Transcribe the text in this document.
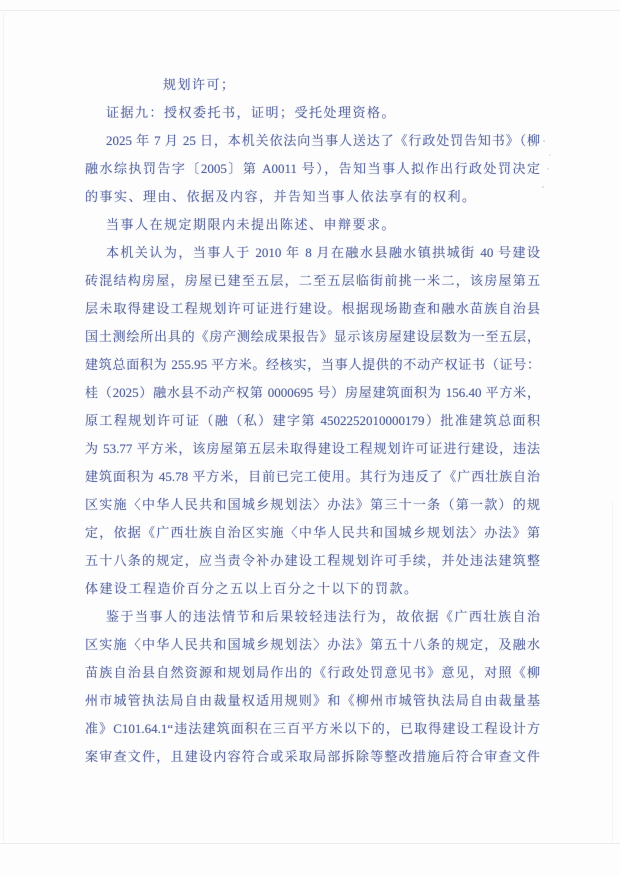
规划许可；
证据九：授权委托书，证明；受托处理资格。
2025 年 7 月 25 日，本机关依法向当事人送达了《行政处罚告知书》（柳
融水综执罚告字〔2005〕第 A0011 号），告知当事人拟作出行政处罚决定
的事实、理由、依据及内容，并告知当事人依法享有的权利。
当事人在规定期限内未提出陈述、申辩要求。
本机关认为，当事人于 2010 年 8 月在融水县融水镇拱城街 40 号建设
砖混结构房屋，房屋已建至五层，二至五层临街前挑一米二，该房屋第五
层未取得建设工程规划许可证进行建设。根据现场勘查和融水苗族自治县
国土测绘所出具的《房产测绘成果报告》显示该房屋建设层数为一至五层，
建筑总面积为 255.95 平方米。经核实，当事人提供的不动产权证书（证号：
桂（2025）融水县不动产权第 0000695 号）房屋建筑面积为 156.40 平方米，
原工程规划许可证（融（私）建字第 4502252010000179）批准建筑总面积
为 53.77 平方米，该房屋第五层未取得建设工程规划许可证进行建设，违法
建筑面积为 45.78 平方米，目前已完工使用。其行为违反了《广西壮族自治
区实施〈中华人民共和国城乡规划法〉办法》第三十一条（第一款）的规
定，依据《广西壮族自治区实施〈中华人民共和国城乡规划法〉办法》第
五十八条的规定，应当责令补办建设工程规划许可手续，并处违法建筑整
体建设工程造价百分之五以上百分之十以下的罚款。
鉴于当事人的违法情节和后果较轻违法行为，故依据《广西壮族自治
区实施〈中华人民共和国城乡规划法〉办法》第五十八条的规定，及融水
苗族自治县自然资源和规划局作出的《行政处罚意见书》意见，对照《柳
州市城管执法局自由裁量权适用规则》和《柳州市城管执法局自由裁量基
准》C101.64.1“违法建筑面积在三百平方米以下的，已取得建设工程设计方
案审查文件，且建设内容符合或采取局部拆除等整改措施后符合审查文件
